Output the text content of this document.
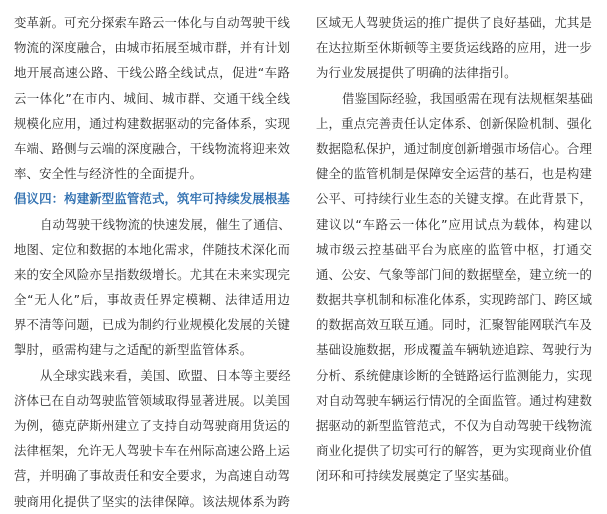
变革新。可充分探索车路云一体化与自动驾驶干线
物流的深度融合，由城市拓展至城市群，并有计划
地开展高速公路、干线公路全线试点，促进“车路
云一体化”在市内、城间、城市群、交通干线全线
规模化应用，通过构建数据驱动的完备体系，实现
车端、路侧与云端的深度融合，干线物流将迎来效
率、安全性与经济性的全面提升。
倡议四：构建新型监管范式，筑牢可持续发展根基
自动驾驶干线物流的快速发展，催生了通信、
地图、定位和数据的本地化需求，伴随技术深化而
来的安全风险亦呈指数级增长。尤其在未来实现完
全“无人化”后，事故责任界定模糊、法律适用边
界不清等问题，已成为制约行业规模化发展的关键
掣肘，亟需构建与之适配的新型监管体系。
从全球实践来看，美国、欧盟、日本等主要经
济体已在自动驾驶监管领域取得显著进展。以美国
为例，德克萨斯州建立了支持自动驾驶商用货运的
法律框架，允许无人驾驶卡车在州际高速公路上运
营，并明确了事故责任和安全要求，为高速自动驾
驶商用化提供了坚实的法律保障。该法规体系为跨
区域无人驾驶货运的推广提供了良好基础，尤其是
在达拉斯至休斯顿等主要货运线路的应用，进一步
为行业发展提供了明确的法律指引。
借鉴国际经验，我国亟需在现有法规框架基础
上，重点完善责任认定体系、创新保险机制、强化
数据隐私保护，通过制度创新增强市场信心。合理
健全的监管机制是保障安全运营的基石，也是构建
公平、可持续行业生态的关键支撑。在此背景下，
建议以“车路云一体化”应用试点为载体，构建以
城市级云控基础平台为底座的监管中枢，打通交
通、公安、气象等部门间的数据壁垒，建立统一的
数据共享机制和标准化体系，实现跨部门、跨区域
的数据高效互联互通。同时，汇聚智能网联汽车及
基础设施数据，形成覆盖车辆轨迹追踪、驾驶行为
分析、系统健康诊断的全链路运行监测能力，实现
对自动驾驶车辆运行情况的全面监管。通过构建数
据驱动的新型监管范式，不仅为自动驾驶干线物流
商业化提供了切实可行的解答，更为实现商业价值
闭环和可持续发展奠定了坚实基础。
